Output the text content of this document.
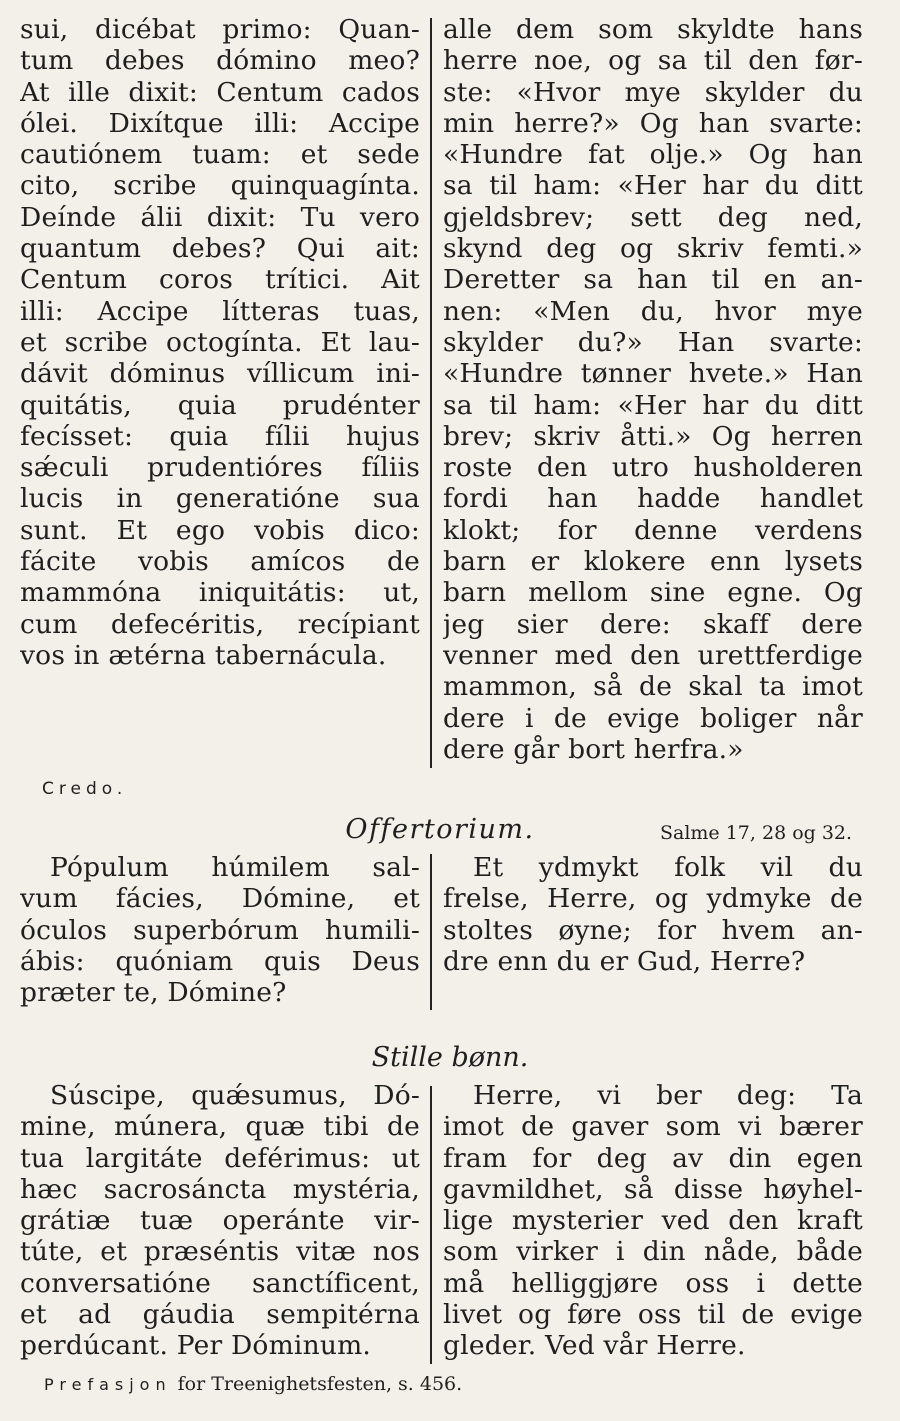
sui, dicébat primo: Quan-
tum debes dómino meo?
At ille dixit: Centum cados
ólei. Dixítque illi: Accipe
cautiónem tuam: et sede
cito, scribe quinquagínta.
Deínde álii dixit: Tu vero
quantum debes? Qui ait:
Centum coros trítici. Ait
illi: Accipe lítteras tuas,
et scribe octogínta. Et lau-
dávit dóminus víllicum ini-
quitátis, quia prudénter
fecísset: quia fílii hujus
sǽculi prudentióres fíliis
lucis in generatióne sua
sunt. Et ego vobis dico:
fácite vobis amícos de
mammóna iniquitátis: ut,
cum defecéritis, recípiant
vos in ætérna tabernácula.
alle dem som skyldte hans
herre noe, og sa til den før-
ste: «Hvor mye skylder du
min herre?» Og han svarte:
«Hundre fat olje.» Og han
sa til ham: «Her har du ditt
gjeldsbrev; sett deg ned,
skynd deg og skriv femti.»
Deretter sa han til en an-
nen: «Men du, hvor mye
skylder du?» Han svarte:
«Hundre tønner hvete.» Han
sa til ham: «Her har du ditt
brev; skriv åtti.» Og herren
roste den utro husholderen
fordi han hadde handlet
klokt; for denne verdens
barn er klokere enn lysets
barn mellom sine egne. Og
jeg sier dere: skaff dere
venner med den urettferdige
mammon, så de skal ta imot
dere i de evige boliger når
dere går bort herfra.»
Credo.
Offertorium.	Salme 17, 28 og 32.
Pópulum húmilem sal-
vum fácies, Dómine, et
óculos superbórum humili-
ábis: quóniam quis Deus
præter te, Dómine?
Et ydmykt folk vil du
frelse, Herre, og ydmyke de
stoltes øyne; for hvem an-
dre enn du er Gud, Herre?
Stille bønn.
Súscipe, quǽsumus, Dó-
mine, múnera, quæ tibi de
tua largitáte deférimus: ut
hæc sacrosáncta mystéria,
grátiæ tuæ operánte vir-
túte, et præséntis vitæ nos
conversatióne sanctíficent,
et ad gáudia sempitérna
perdúcant. Per Dóminum.
Herre, vi ber deg: Ta
imot de gaver som vi bærer
fram for deg av din egen
gavmildhet, så disse høyhel-
lige mysterier ved den kraft
som virker i din nåde, både
må helliggjøre oss i dette
livet og føre oss til de evige
gleder. Ved vår Herre.
Prefasjon for Treenighetsfesten, s. 456.
